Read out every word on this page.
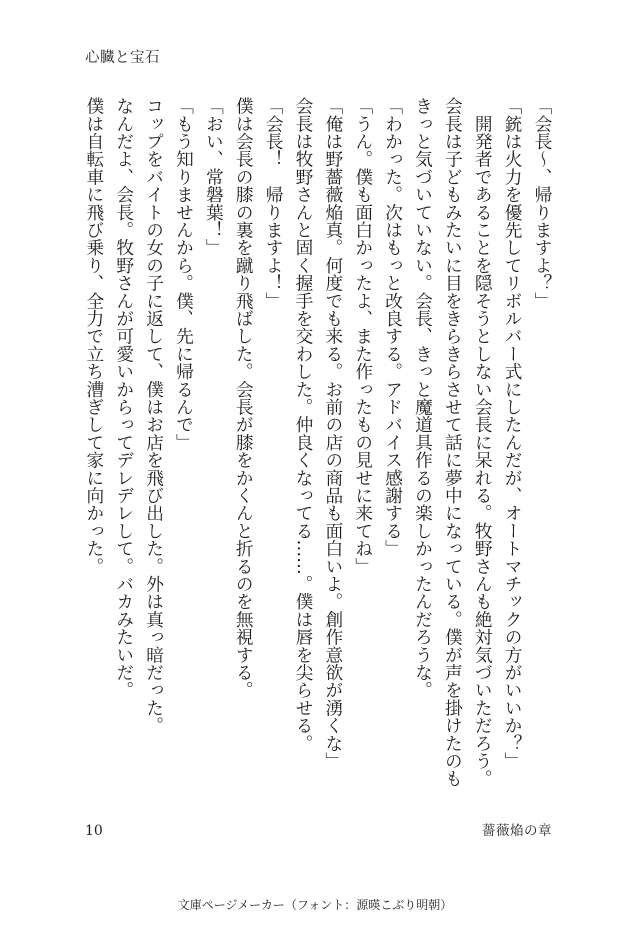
心臓と宝石

「会長〜、帰りますよ？」

「銃は火力を優先してリボルバー式にしたんだが、オートマチックの方がいいか？」

　開発者であることを隠そうとしない会長に呆れる。牧野さんも絶対気づいただろう。

会長は子どもみたいに目をきらきらさせて話に夢中になっている。僕が声を掛けたのも

きっと気づいていない。会長、きっと魔道具作るの楽しかったんだろうな。

「わかった。次はもっと改良する。アドバイス感謝する」

「うん。僕も面白かったよ、また作ったもの見せに来てね」

「俺は野薔薇焔真。何度でも来る。お前の店の商品も面白いよ。創作意欲が湧くな」

会長は牧野さんと固く握手を交わした。仲良くなってる……。僕は唇を尖らせる。

「会長！　帰りますよ！」

僕は会長の膝の裏を蹴り飛ばした。会長が膝をかくんと折るのを無視する。

「おい、常磐葉！」

「もう知りませんから。僕、先に帰るんで」

コップをバイトの女の子に返して、僕はお店を飛び出した。外は真っ暗だった。

なんだよ、会長。牧野さんが可愛いからってデレデレして。バカみたいだ。

僕は自転車に飛び乗り、全力で立ち漕ぎして家に向かった。

10	薔薇焔の章
文庫ページメーカー（フォント：源暎こぶり明朝）
